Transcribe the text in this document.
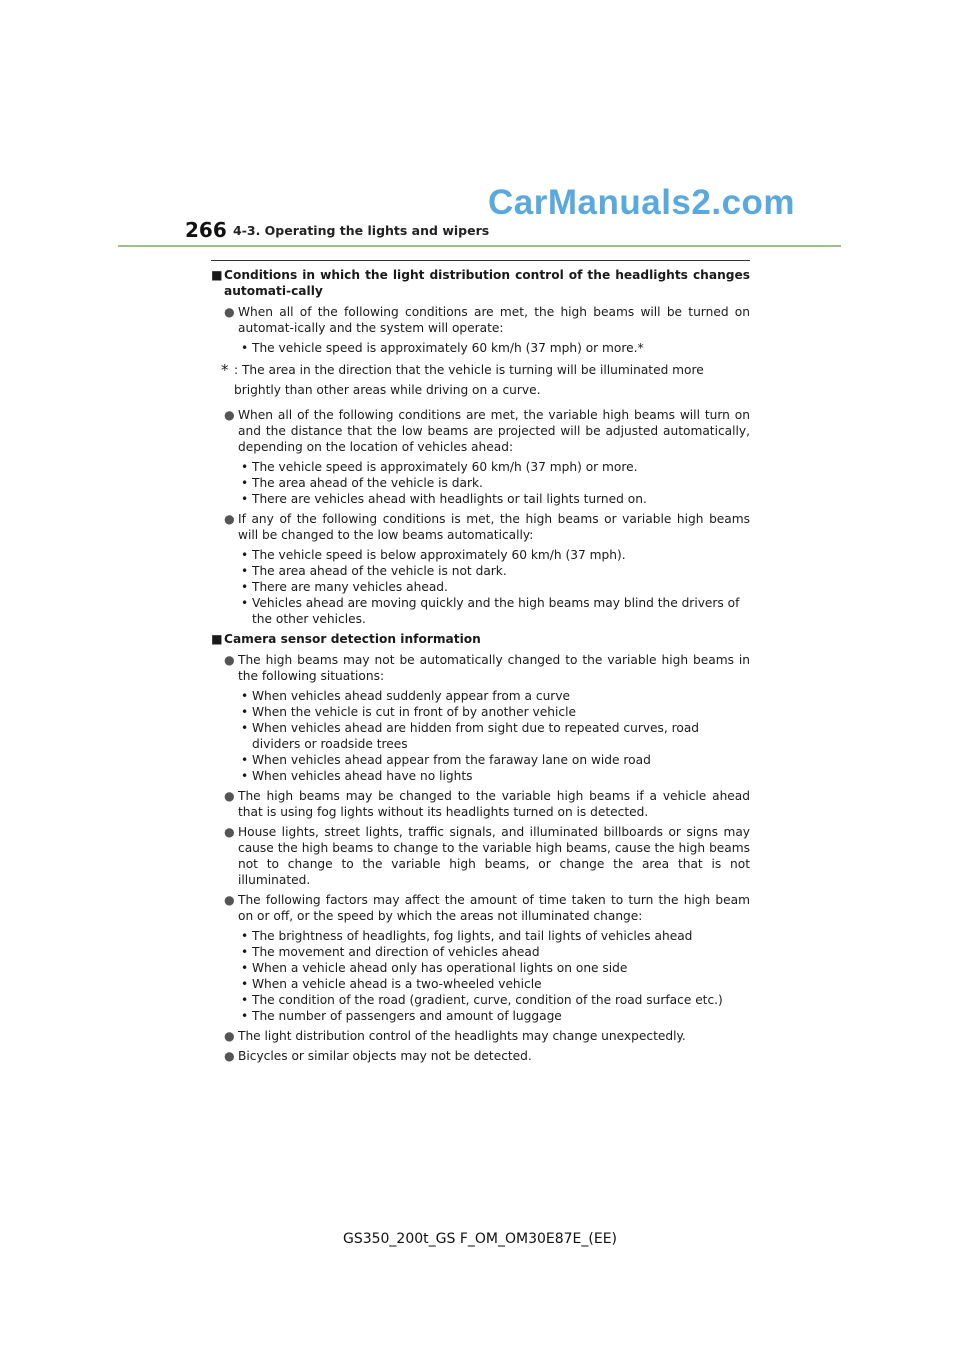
CarManuals2.com
266 4-3. Operating the lights and wipers
■ Conditions in which the light distribution control of the headlights changes automati-cally
● When all of the following conditions are met, the high beams will be turned on automat-ically and the system will operate:
• The vehicle speed is approximately 60 km/h (37 mph) or more.*
* : The area in the direction that the vehicle is turning will be illuminated more brightly than other areas while driving on a curve.
● When all of the following conditions are met, the variable high beams will turn on and the distance that the low beams are projected will be adjusted automatically, depending on the location of vehicles ahead:
• The vehicle speed is approximately 60 km/h (37 mph) or more.
• The area ahead of the vehicle is dark.
• There are vehicles ahead with headlights or tail lights turned on.
● If any of the following conditions is met, the high beams or variable high beams will be changed to the low beams automatically:
• The vehicle speed is below approximately 60 km/h (37 mph).
• The area ahead of the vehicle is not dark.
• There are many vehicles ahead.
• Vehicles ahead are moving quickly and the high beams may blind the drivers of the other vehicles.
■ Camera sensor detection information
● The high beams may not be automatically changed to the variable high beams in the following situations:
• When vehicles ahead suddenly appear from a curve
• When the vehicle is cut in front of by another vehicle
• When vehicles ahead are hidden from sight due to repeated curves, road dividers or roadside trees
• When vehicles ahead appear from the faraway lane on wide road
• When vehicles ahead have no lights
● The high beams may be changed to the variable high beams if a vehicle ahead that is using fog lights without its headlights turned on is detected.
● House lights, street lights, traffic signals, and illuminated billboards or signs may cause the high beams to change to the variable high beams, cause the high beams not to change to the variable high beams, or change the area that is not illuminated.
● The following factors may affect the amount of time taken to turn the high beam on or off, or the speed by which the areas not illuminated change:
• The brightness of headlights, fog lights, and tail lights of vehicles ahead
• The movement and direction of vehicles ahead
• When a vehicle ahead only has operational lights on one side
• When a vehicle ahead is a two-wheeled vehicle
• The condition of the road (gradient, curve, condition of the road surface etc.)
• The number of passengers and amount of luggage
● The light distribution control of the headlights may change unexpectedly.
● Bicycles or similar objects may not be detected.
GS350_200t_GS F_OM_OM30E87E_(EE)
